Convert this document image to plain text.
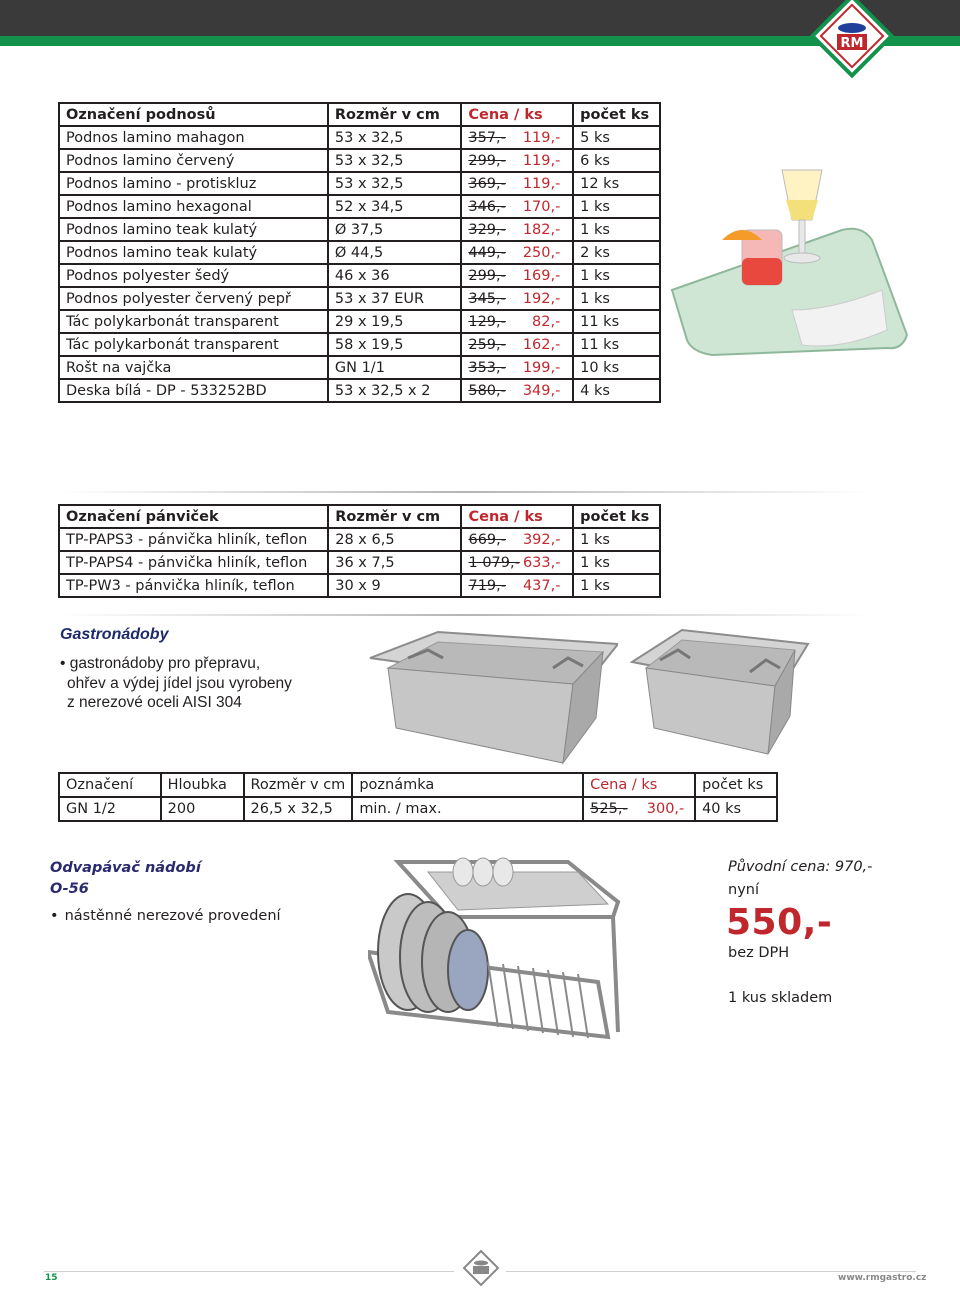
RM
Označení podnosů	Rozměr v cm	Cena / ks	počet ks
Podnos lamino mahagon	53 x 32,5	357,- 119,-	5 ks
Podnos lamino červený	53 x 32,5	299,- 119,-	6 ks
Podnos lamino - protiskluz	53 x 32,5	369,- 119,-	12 ks
Podnos lamino hexagonal	52 x 34,5	346,- 170,-	1 ks
Podnos lamino teak kulatý	Ø 37,5	329,- 182,-	1 ks
Podnos lamino teak kulatý	Ø 44,5	449,- 250,-	2 ks
Podnos polyester šedý	46 x 36	299,- 169,-	1 ks
Podnos polyester červený pepř	53 x 37 EUR	345,- 192,-	1 ks
Tác polykarbonát transparent	29 x 19,5	129,- 82,-	11 ks
Tác polykarbonát transparent	58 x 19,5	259,- 162,-	11 ks
Rošt na vajčka	GN 1/1	353,- 199,-	10 ks
Deska bílá - DP - 533252BD	53 x 32,5 x 2	580,- 349,-	4 ks
Označení pánviček	Rozměr v cm	Cena / ks	počet ks
TP-PAPS3 - pánvička hliník, teflon	28 x 6,5	669,- 392,-	1 ks
TP-PAPS4 - pánvička hliník, teflon	36 x 7,5	1 079,- 633,-	1 ks
TP-PW3 - pánvička hliník, teflon	30 x 9	719,- 437,-	1 ks
Gastronádoby
• gastronádoby pro přepravu,
ohřev a výdej jídel jsou vyrobeny
z nerezové oceli AISI 304
Označení	Hloubka	Rozměr v cm	poznámka	Cena / ks	počet ks
GN 1/2	200	26,5 x 32,5	min. / max.	525,- 300,-	40 ks
Odvapávač nádobí
O-56
• nástěnné nerezové provedení
Původní cena: 970,-
nyní
550,-
bez DPH
1 kus skladem
15	www.rmgastro.cz
